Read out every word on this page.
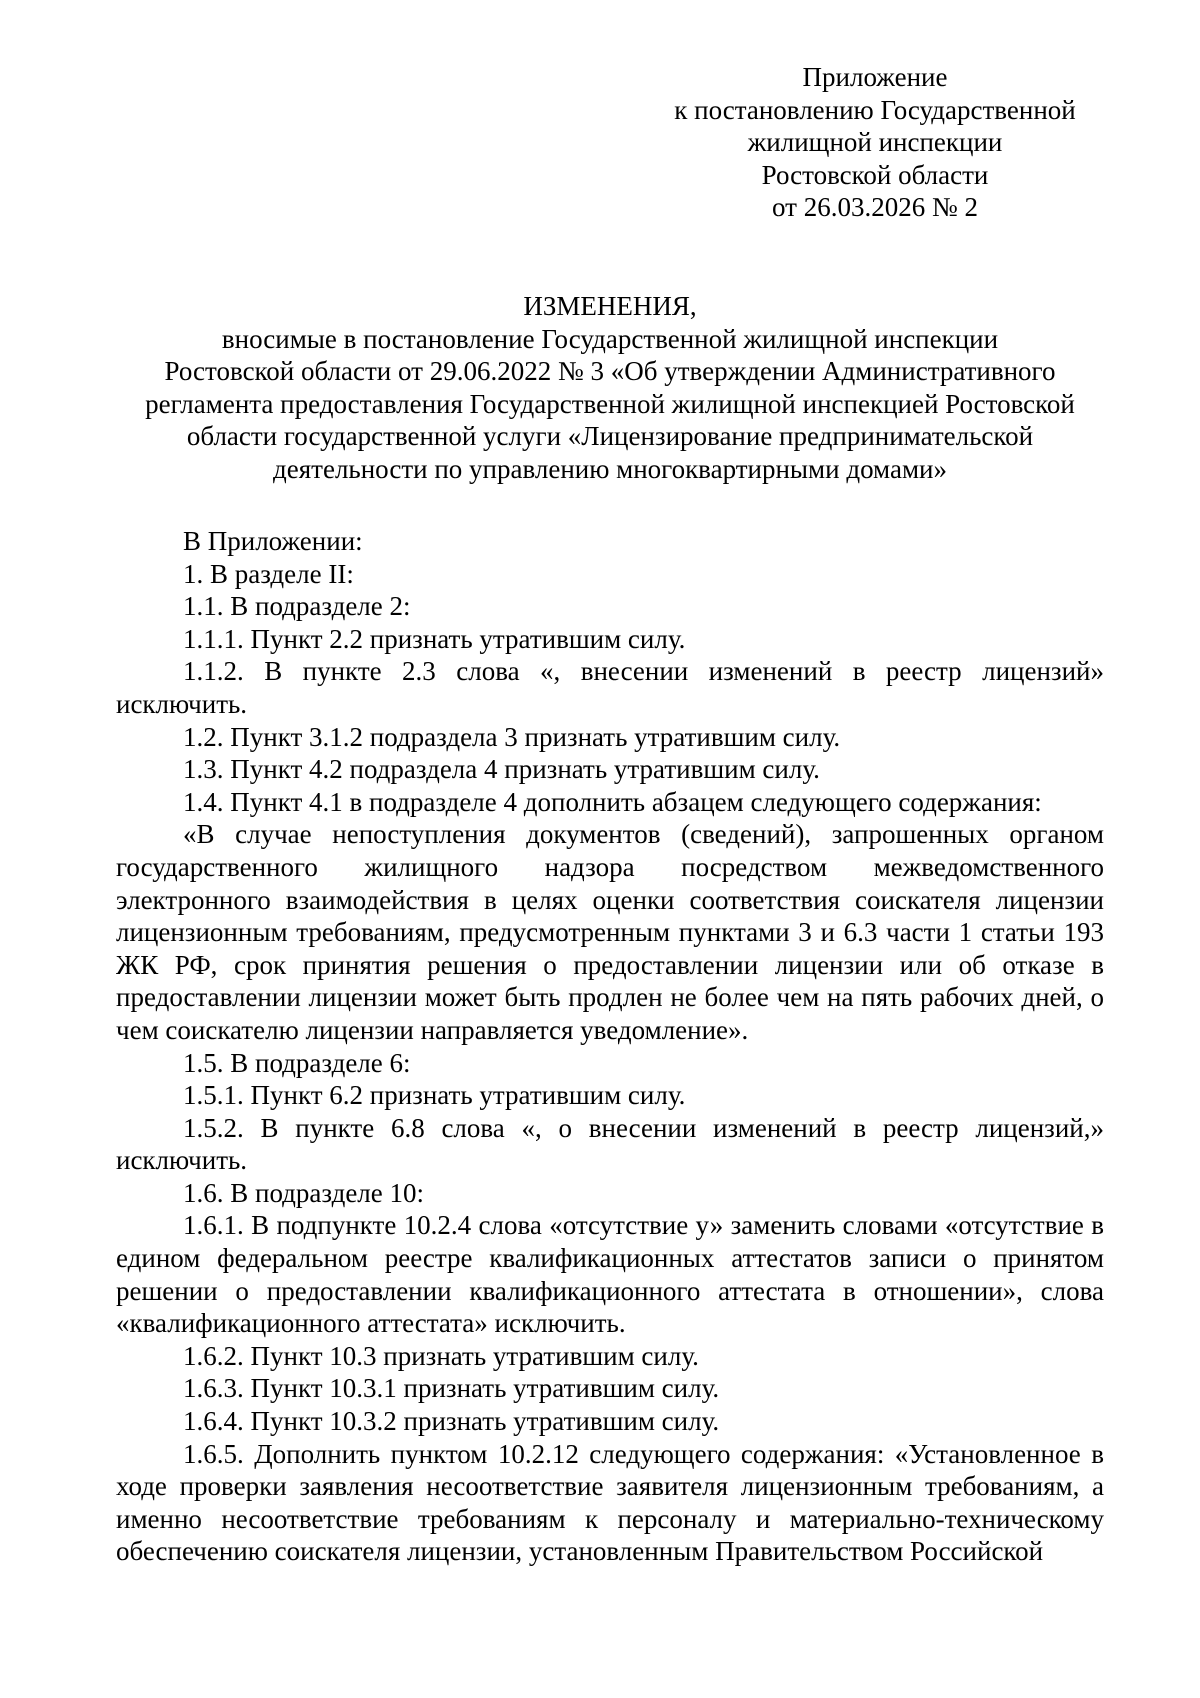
Приложение
к постановлению Государственной
жилищной инспекции
Ростовской области
от 26.03.2026 № 2
ИЗМЕНЕНИЯ,
вносимые в постановление Государственной жилищной инспекции
Ростовской области от 29.06.2022 № 3 «Об утверждении Административного
регламента предоставления Государственной жилищной инспекцией Ростовской
области государственной услуги «Лицензирование предпринимательской
деятельности по управлению многоквартирными домами»

В Приложении:

1. В разделе II:

1.1. В подразделе 2:

1.1.1. Пункт 2.2 признать утратившим силу.

1.1.2. В пункте 2.3 слова «, внесении изменений в реестр лицензий» исключить.

1.2. Пункт 3.1.2 подраздела 3 признать утратившим силу.

1.3. Пункт 4.2 подраздела 4 признать утратившим силу.

1.4. Пункт 4.1 в подразделе 4 дополнить абзацем следующего содержания:

«В случае непоступления документов (сведений), запрошенных органом государственного жилищного надзора посредством межведомственного электронного взаимодействия в целях оценки соответствия соискателя лицензии лицензионным требованиям, предусмотренным пунктами 3 и 6.3 части 1 статьи 193 ЖК РФ, срок принятия решения о предоставлении лицензии или об отказе в предоставлении лицензии может быть продлен не более чем на пять рабочих дней, о чем соискателю лицензии направляется уведомление».

1.5. В подразделе 6:

1.5.1. Пункт 6.2 признать утратившим силу.

1.5.2. В пункте 6.8 слова «, о внесении изменений в реестр лицензий,» исключить.

1.6. В подразделе 10:

1.6.1. В подпункте 10.2.4 слова «отсутствие у» заменить словами «отсутствие в едином федеральном реестре квалификационных аттестатов записи о принятом решении о предоставлении квалификационного аттестата в отношении», слова «квалификационного аттестата» исключить.

1.6.2. Пункт 10.3 признать утратившим силу.

1.6.3. Пункт 10.3.1 признать утратившим силу.

1.6.4. Пункт 10.3.2 признать утратившим силу.

1.6.5. Дополнить пунктом 10.2.12 следующего содержания: «Установленное в ходе проверки заявления несоответствие заявителя лицензионным требованиям, а именно несоответствие требованиям к персоналу и материально-техническому обеспечению соискателя лицензии, установленным Правительством Российской
